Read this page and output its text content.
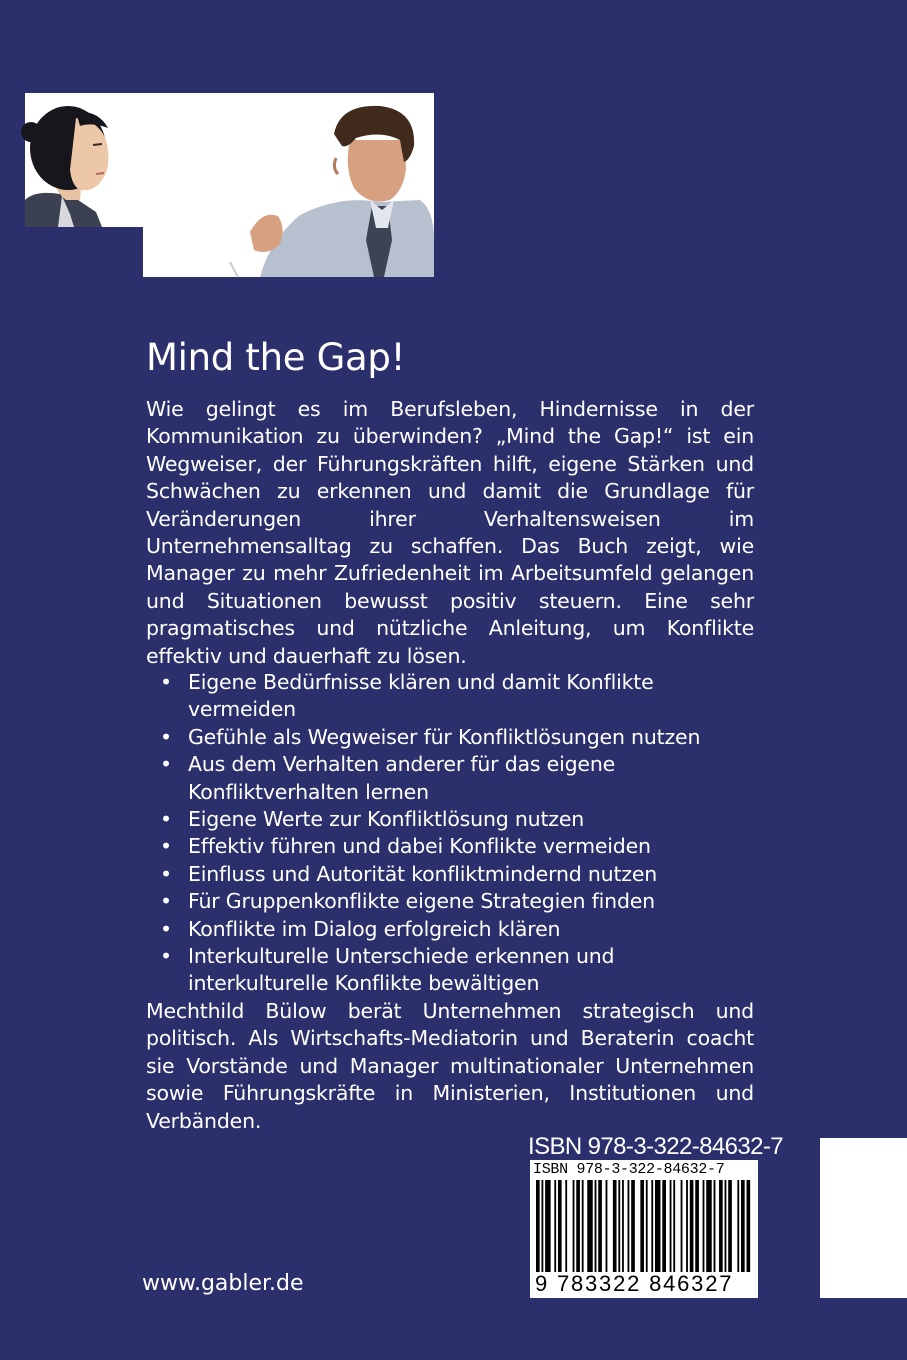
Mind the Gap!

Wie gelingt es im Berufsleben, Hindernisse in der Kommunikation zu überwinden? „Mind the Gap!“ ist ein Wegweiser, der Führungskräften hilft, eigene Stärken und Schwächen zu erkennen und damit die Grundlage für Veränderungen ihrer Verhaltensweisen im Unternehmensalltag zu schaffen. Das Buch zeigt, wie Manager zu mehr Zufriedenheit im Arbeitsumfeld gelangen und Situationen bewusst positiv steuern. Eine sehr pragmatisches und nützliche Anleitung, um Konflikte effektiv und dauerhaft zu lösen.

• Eigene Bedürfnisse klären und damit Konflikte vermeiden
• Gefühle als Wegweiser für Konfliktlösungen nutzen
• Aus dem Verhalten anderer für das eigene Konfliktverhalten lernen
• Eigene Werte zur Konfliktlösung nutzen
• Effektiv führen und dabei Konflikte vermeiden
• Einfluss und Autorität konfliktmindernd nutzen
• Für Gruppenkonflikte eigene Strategien finden
• Konflikte im Dialog erfolgreich klären
• Interkulturelle Unterschiede erkennen und interkulturelle Konflikte bewältigen

Mechthild Bülow berät Unternehmen strategisch und politisch. Als Wirtschafts-Mediatorin und Beraterin coacht sie Vorstände und Manager multinationaler Unternehmen sowie Führungskräfte in Ministerien, Institutionen und Verbänden.

ISBN 978-3-322-84632-7
ISBN 978-3-322-84632-7
9 783322 846327
www.gabler.de
